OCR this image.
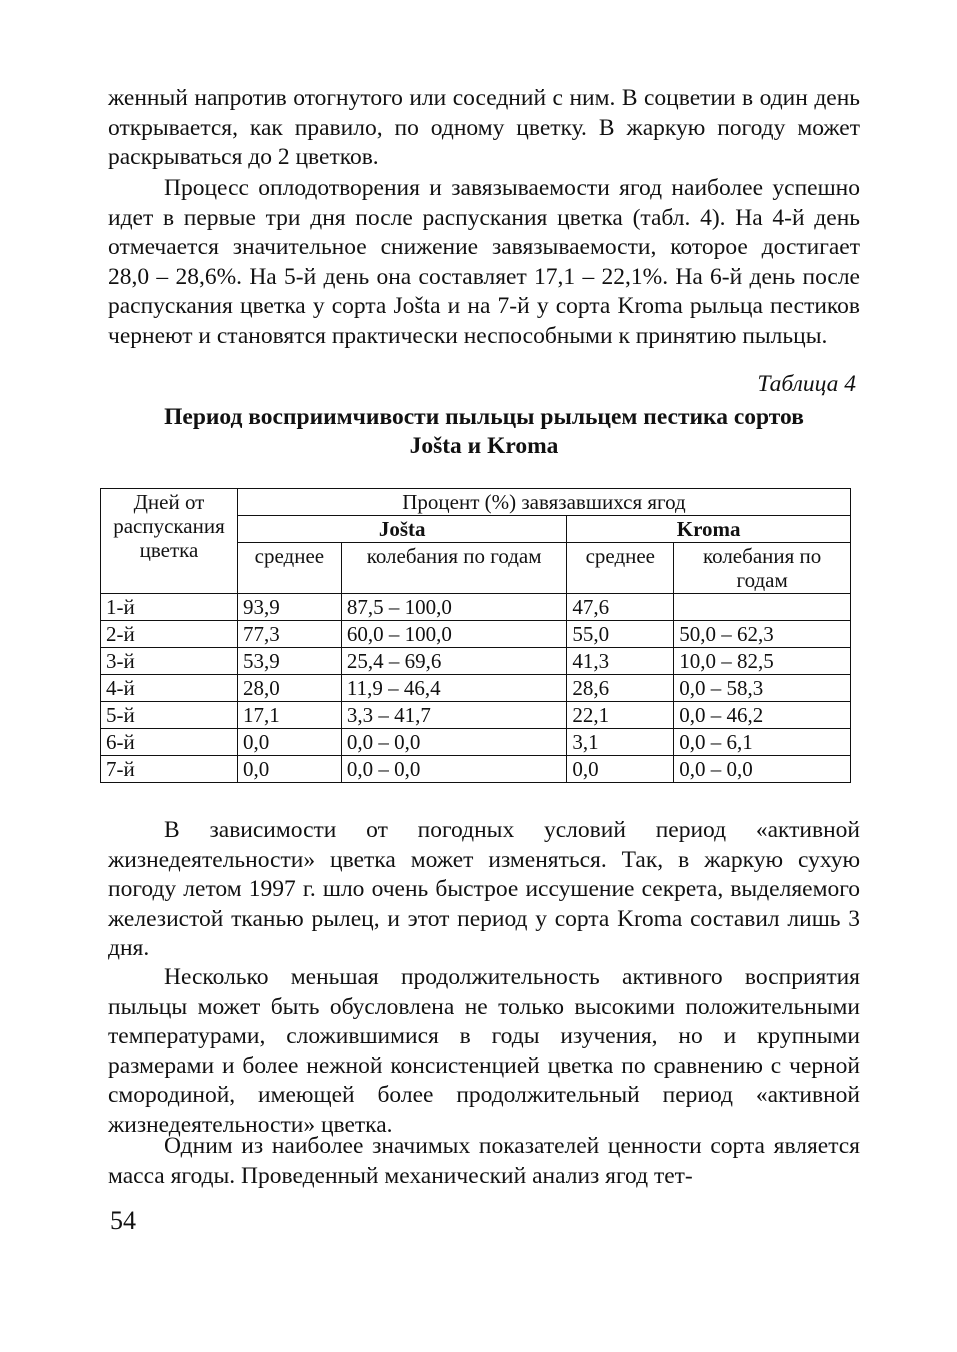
женный напротив отогнутого или соседний с ним. В соцветии в один день открывается, как правило, по одному цветку. В жаркую погоду может раскрываться до 2 цветков.

Процесс оплодотворения и завязываемости ягод наиболее успешно идет в первые три дня после распускания цветка (табл. 4). На 4-й день отмечается значительное снижение завязываемости, которое достигает 28,0 – 28,6%. На 5-й день она составляет 17,1 – 22,1%. На 6-й день после распускания цветка у сорта Jošta и на 7-й у сорта Kroma рыльца пестиков чернеют и становятся практически неспособными к принятию пыльцы.

Таблица 4

Период восприимчивости пыльцы рыльцем пестика сортов
Jošta и Kroma
Дней от распускания цветка	Процент (%) завязавшихся ягод			
	Jošta		Kroma	
	среднее	колебания по годам	среднее	колебания по годам
1-й	93,9	87,5 – 100,0	47,6	
2-й	77,3	60,0 – 100,0	55,0	50,0 – 62,3
3-й	53,9	25,4 – 69,6	41,3	10,0 – 82,5
4-й	28,0	11,9 – 46,4	28,6	0,0 – 58,3
5-й	17,1	3,3 – 41,7	22,1	0,0 – 46,2
6-й	0,0	0,0 – 0,0	3,1	0,0 – 6,1
7-й	0,0	0,0 – 0,0	0,0	0,0 – 0,0

В зависимости от погодных условий период «активной жизнедеятельности» цветка может изменяться. Так, в жаркую сухую погоду летом 1997 г. шло очень быстрое иссушение секрета, выделяемого железистой тканью рылец, и этот период у сорта Kroma составил лишь 3 дня.

Несколько меньшая продолжительность активного восприятия пыльцы может быть обусловлена не только высокими положительными температурами, сложившимися в годы изучения, но и крупными размерами и более нежной консистенцией цветка по сравнению с черной смородиной, имеющей более продолжительный период «активной жизнедеятельности» цветка.

Одним из наиболее значимых показателей ценности сорта является масса ягоды. Проведенный механический анализ ягод тет-

54
